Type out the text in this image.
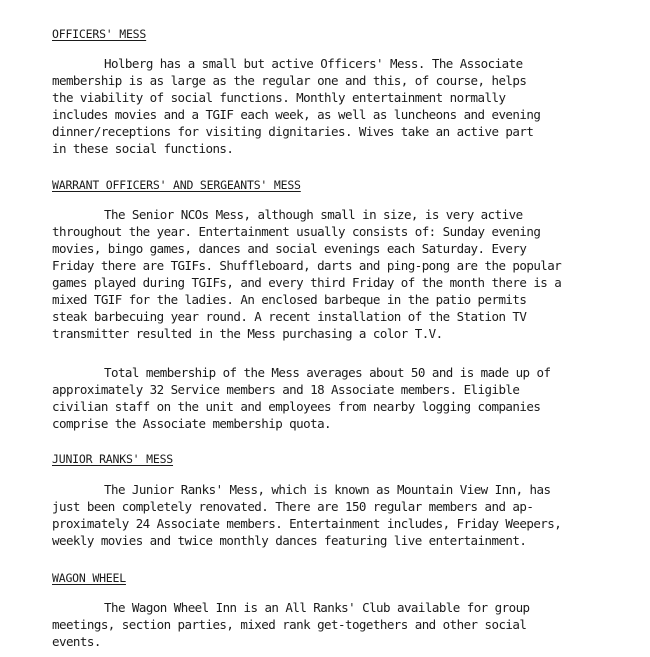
OFFICERS' MESS
Holberg has a small but active Officers' Mess. The Associate
membership is as large as the regular one and this, of course, helps
the viability of social functions. Monthly entertainment normally
includes movies and a TGIF each week, as well as luncheons and evening
dinner/receptions for visiting dignitaries. Wives take an active part
in these social functions.
WARRANT OFFICERS' AND SERGEANTS' MESS
The Senior NCOs Mess, although small in size, is very active
throughout the year. Entertainment usually consists of: Sunday evening
movies, bingo games, dances and social evenings each Saturday. Every
Friday there are TGIFs. Shuffleboard, darts and ping-pong are the popular
games played during TGIFs, and every third Friday of the month there is a
mixed TGIF for the ladies. An enclosed barbeque in the patio permits
steak barbecuing year round. A recent installation of the Station TV
transmitter resulted in the Mess purchasing a color T.V.
Total membership of the Mess averages about 50 and is made up of
approximately 32 Service members and 18 Associate members. Eligible
civilian staff on the unit and employees from nearby logging companies
comprise the Associate membership quota.
JUNIOR RANKS' MESS
The Junior Ranks' Mess, which is known as Mountain View Inn, has
just been completely renovated. There are 150 regular members and ap-
proximately 24 Associate members. Entertainment includes, Friday Weepers,
weekly movies and twice monthly dances featuring live entertainment.
WAGON WHEEL
The Wagon Wheel Inn is an All Ranks' Club available for group
meetings, section parties, mixed rank get-togethers and other social
events.
